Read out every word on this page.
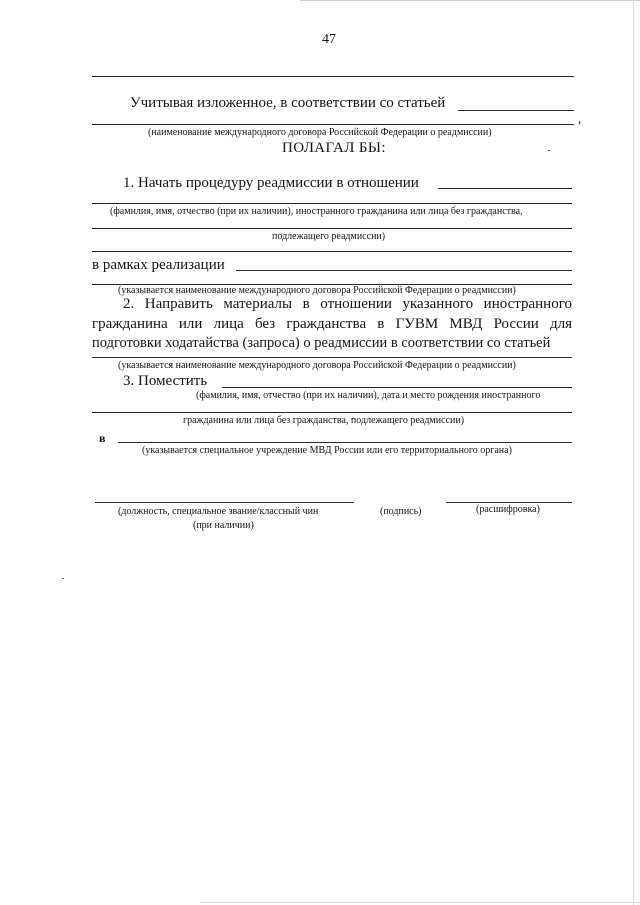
47
Учитывая изложенное, в соответствии со статьей
,
(наименование международного договора Российской Федерации о реадмиссии)
ПОЛАГАЛ БЫ:
1. Начать процедуру реадмиссии в отношении
(фамилия, имя, отчество (при их наличии), иностранного гражданина или лица без гражданства,
подлежащего реадмиссии)
в рамках реализации
(указывается наименование международного договора Российской Федерации о реадмиссии)
2. Направить материалы в отношении указанного иностранного
гражданина или лица без гражданства в ГУВМ МВД России для
подготовки ходатайства (запроса) о реадмиссии в соответствии со статьей
(указывается наименование международного договора Российской Федерации о реадмиссии)
3. Поместить
(фамилия, имя, отчество (при их наличии), дата и место рождения иностранного
гражданина или лица без гражданства, подлежащего реадмиссии)
в
(указывается специальное учреждение МВД России или его территориального органа)
(должность, специальное звание/классный чин
(при наличии)
(подпись)	(расшифровка)
